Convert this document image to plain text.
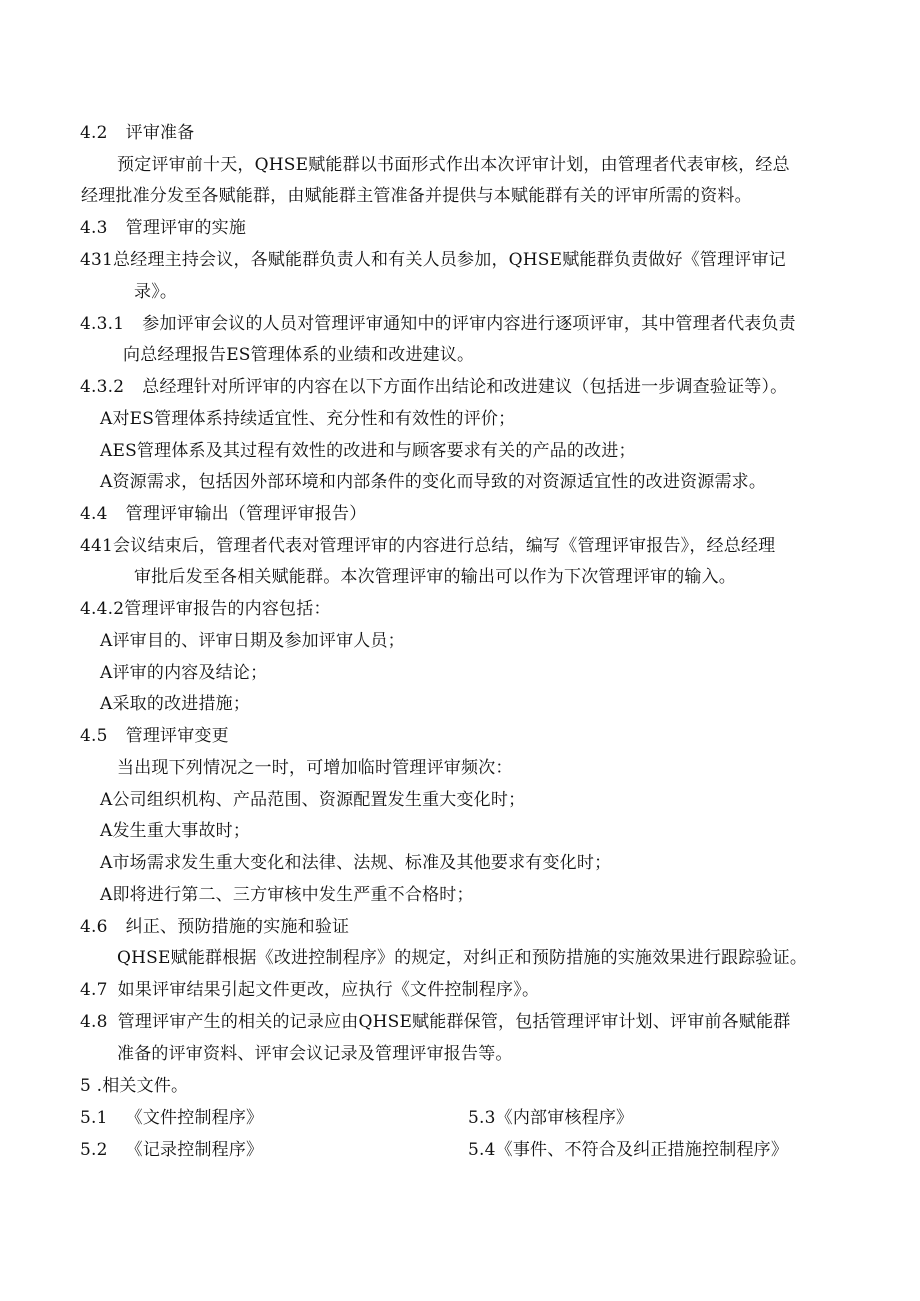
4.2 评审准备
预定评审前十天，QHSE赋能群以书面形式作出本次评审计划，由管理者代表审核，经总
经理批准分发至各赋能群，由赋能群主管准备并提供与本赋能群有关的评审所需的资料。
4.3 管理评审的实施
431总经理主持会议，各赋能群负责人和有关人员参加，QHSE赋能群负责做好《管理评审记
录》。
4.3.1 参加评审会议的人员对管理评审通知中的评审内容进行逐项评审，其中管理者代表负责
向总经理报告ES管理体系的业绩和改进建议。
4.3.2 总经理针对所评审的内容在以下方面作出结论和改进建议（包括进一步调查验证等）。
A对ES管理体系持续适宜性、充分性和有效性的评价；
AES管理体系及其过程有效性的改进和与顾客要求有关的产品的改进；
A资源需求，包括因外部环境和内部条件的变化而导致的对资源适宜性的改进资源需求。
4.4 管理评审输出（管理评审报告）
441会议结束后，管理者代表对管理评审的内容进行总结，编写《管理评审报告》，经总经理
审批后发至各相关赋能群。本次管理评审的输出可以作为下次管理评审的输入。
4.4.2管理评审报告的内容包括：
A评审目的、评审日期及参加评审人员；
A评审的内容及结论；
A采取的改进措施；
4.5 管理评审变更
当出现下列情况之一时，可增加临时管理评审频次：
A公司组织机构、产品范围、资源配置发生重大变化时；
A发生重大事故时；
A市场需求发生重大变化和法律、法规、标准及其他要求有变化时；
A即将进行第二、三方审核中发生严重不合格时；
4.6 纠正、预防措施的实施和验证
QHSE赋能群根据《改进控制程序》的规定，对纠正和预防措施的实施效果进行跟踪验证。
4.7 如果评审结果引起文件更改，应执行《文件控制程序》。
4.8 管理评审产生的相关的记录应由QHSE赋能群保管，包括管理评审计划、评审前各赋能群
准备的评审资料、评审会议记录及管理评审报告等。
5 .相关文件。
5.1 《文件控制程序》
5.2 《记录控制程序》
5.3《内部审核程序》
5.4《事件、不符合及纠正措施控制程序》
